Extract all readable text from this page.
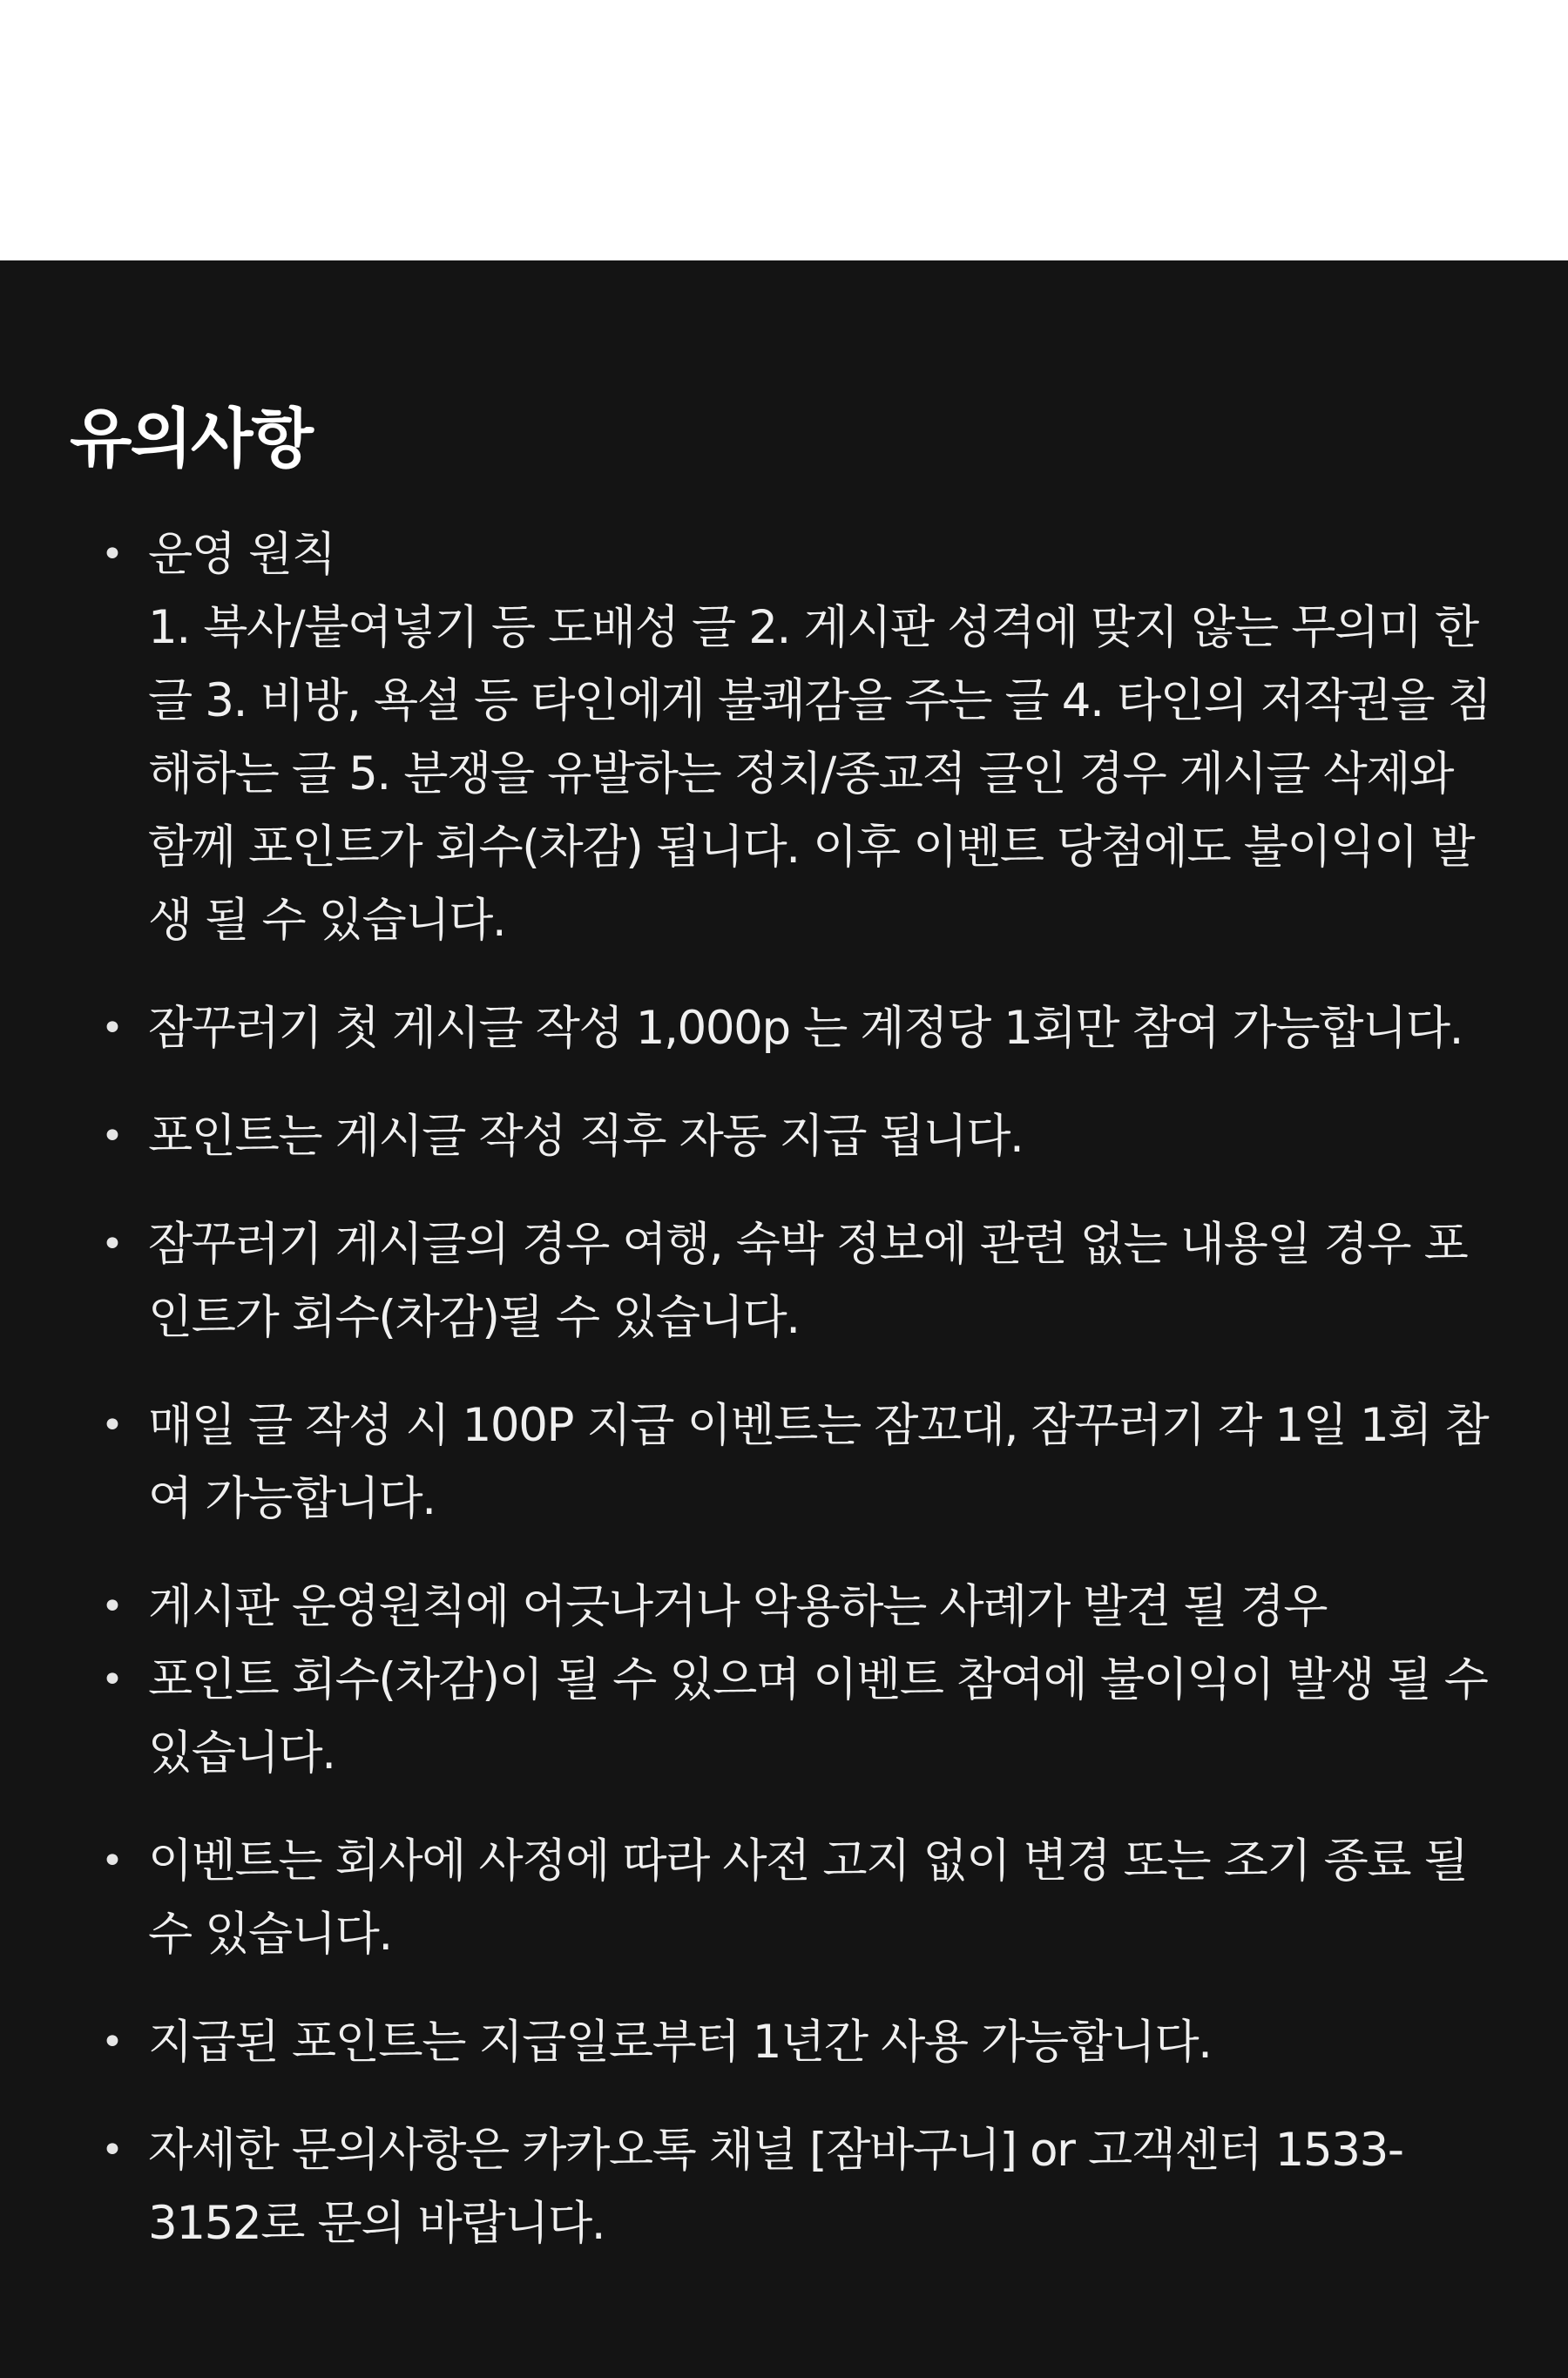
유의사항
• 운영 원칙
1. 복사/붙여넣기 등 도배성 글 2. 게시판 성격에 맞지 않는 무의미 한 글 3. 비방, 욕설 등 타인에게 불쾌감을 주는 글 4. 타인의 저작권을 침해하는 글 5. 분쟁을 유발하는 정치/종교적 글인 경우 게시글 삭제와 함께 포인트가 회수(차감) 됩니다. 이후 이벤트 당첨에도 불이익이 발생 될 수 있습니다.
• 잠꾸러기 첫 게시글 작성 1,000p 는 계정당 1회만 참여 가능합니다.
• 포인트는 게시글 작성 직후 자동 지급 됩니다.
• 잠꾸러기 게시글의 경우 여행, 숙박 정보에 관련 없는 내용일 경우 포인트가 회수(차감)될 수 있습니다.
• 매일 글 작성 시 100P 지급 이벤트는 잠꼬대, 잠꾸러기 각 1일 1회 참여 가능합니다.
• 게시판 운영원칙에 어긋나거나 악용하는 사례가 발견 될 경우
• 포인트 회수(차감)이 될 수 있으며 이벤트 참여에 불이익이 발생 될 수 있습니다.
• 이벤트는 회사에 사정에 따라 사전 고지 없이 변경 또는 조기 종료 될 수 있습니다.
• 지급된 포인트는 지급일로부터 1년간 사용 가능합니다.
• 자세한 문의사항은 카카오톡 채널 [잠바구니] or 고객센터 1533-3152로 문의 바랍니다.
